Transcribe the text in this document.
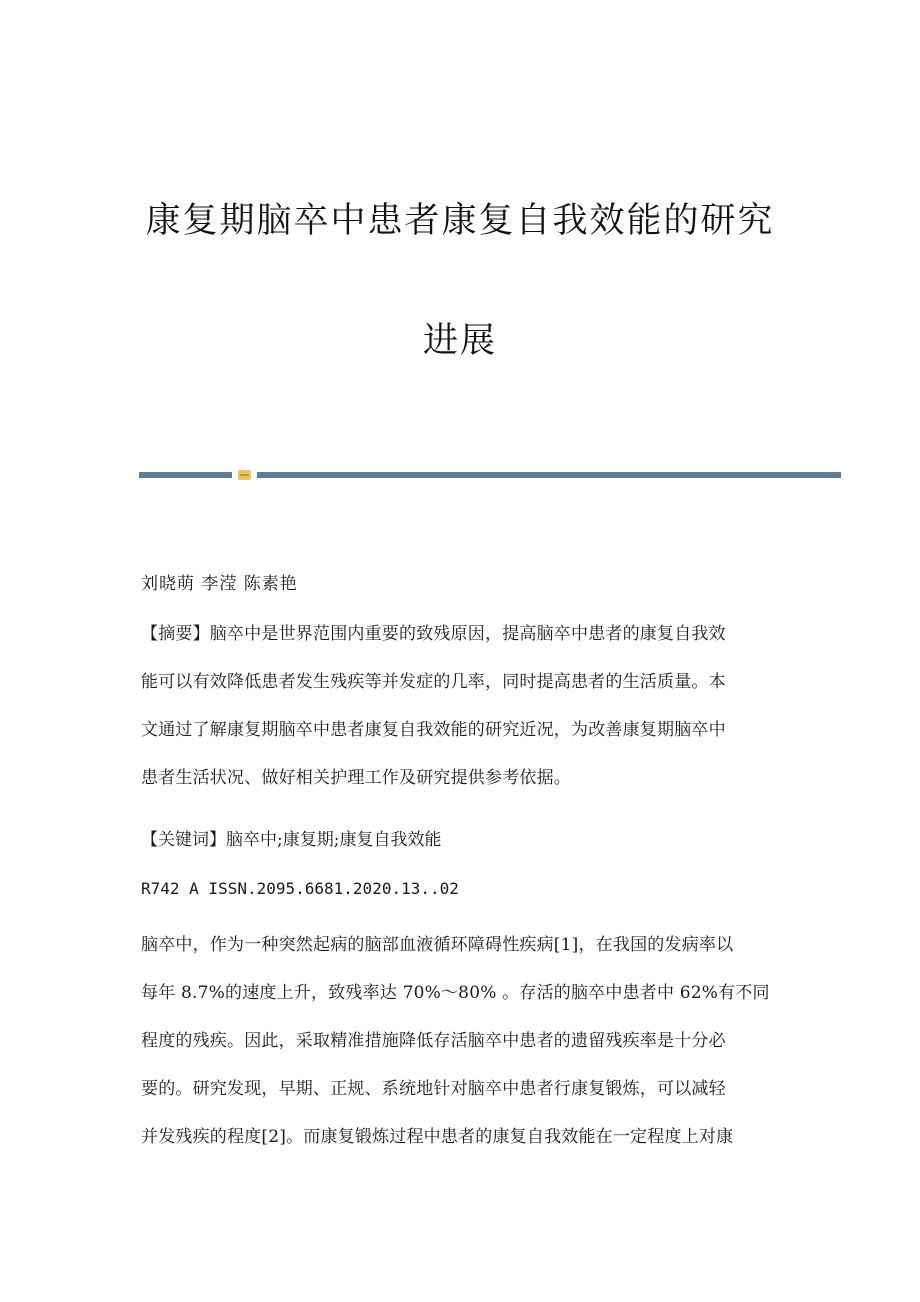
康复期脑卒中患者康复自我效能的研究
进展
刘晓萌 李滢 陈素艳
【摘要】脑卒中是世界范围内重要的致残原因，提高脑卒中患者的康复自我效
能可以有效降低患者发生残疾等并发症的几率，同时提高患者的生活质量。本
文通过了解康复期脑卒中患者康复自我效能的研究近况，为改善康复期脑卒中
患者生活状况、做好相关护理工作及研究提供参考依据。
【关键词】脑卒中;康复期;康复自我效能
R742 A ISSN.2095.6681.2020.13..02
脑卒中，作为一种突然起病的脑部血液循环障碍性疾病[1]，在我国的发病率以
每年 8.7%的速度上升，致残率达 70%～80% 。存活的脑卒中患者中 62%有不同
程度的残疾。因此，采取精准措施降低存活脑卒中患者的遗留残疾率是十分必
要的。研究发现，早期、正规、系统地针对脑卒中患者行康复锻炼，可以减轻
并发残疾的程度[2]。而康复锻炼过程中患者的康复自我效能在一定程度上对康
